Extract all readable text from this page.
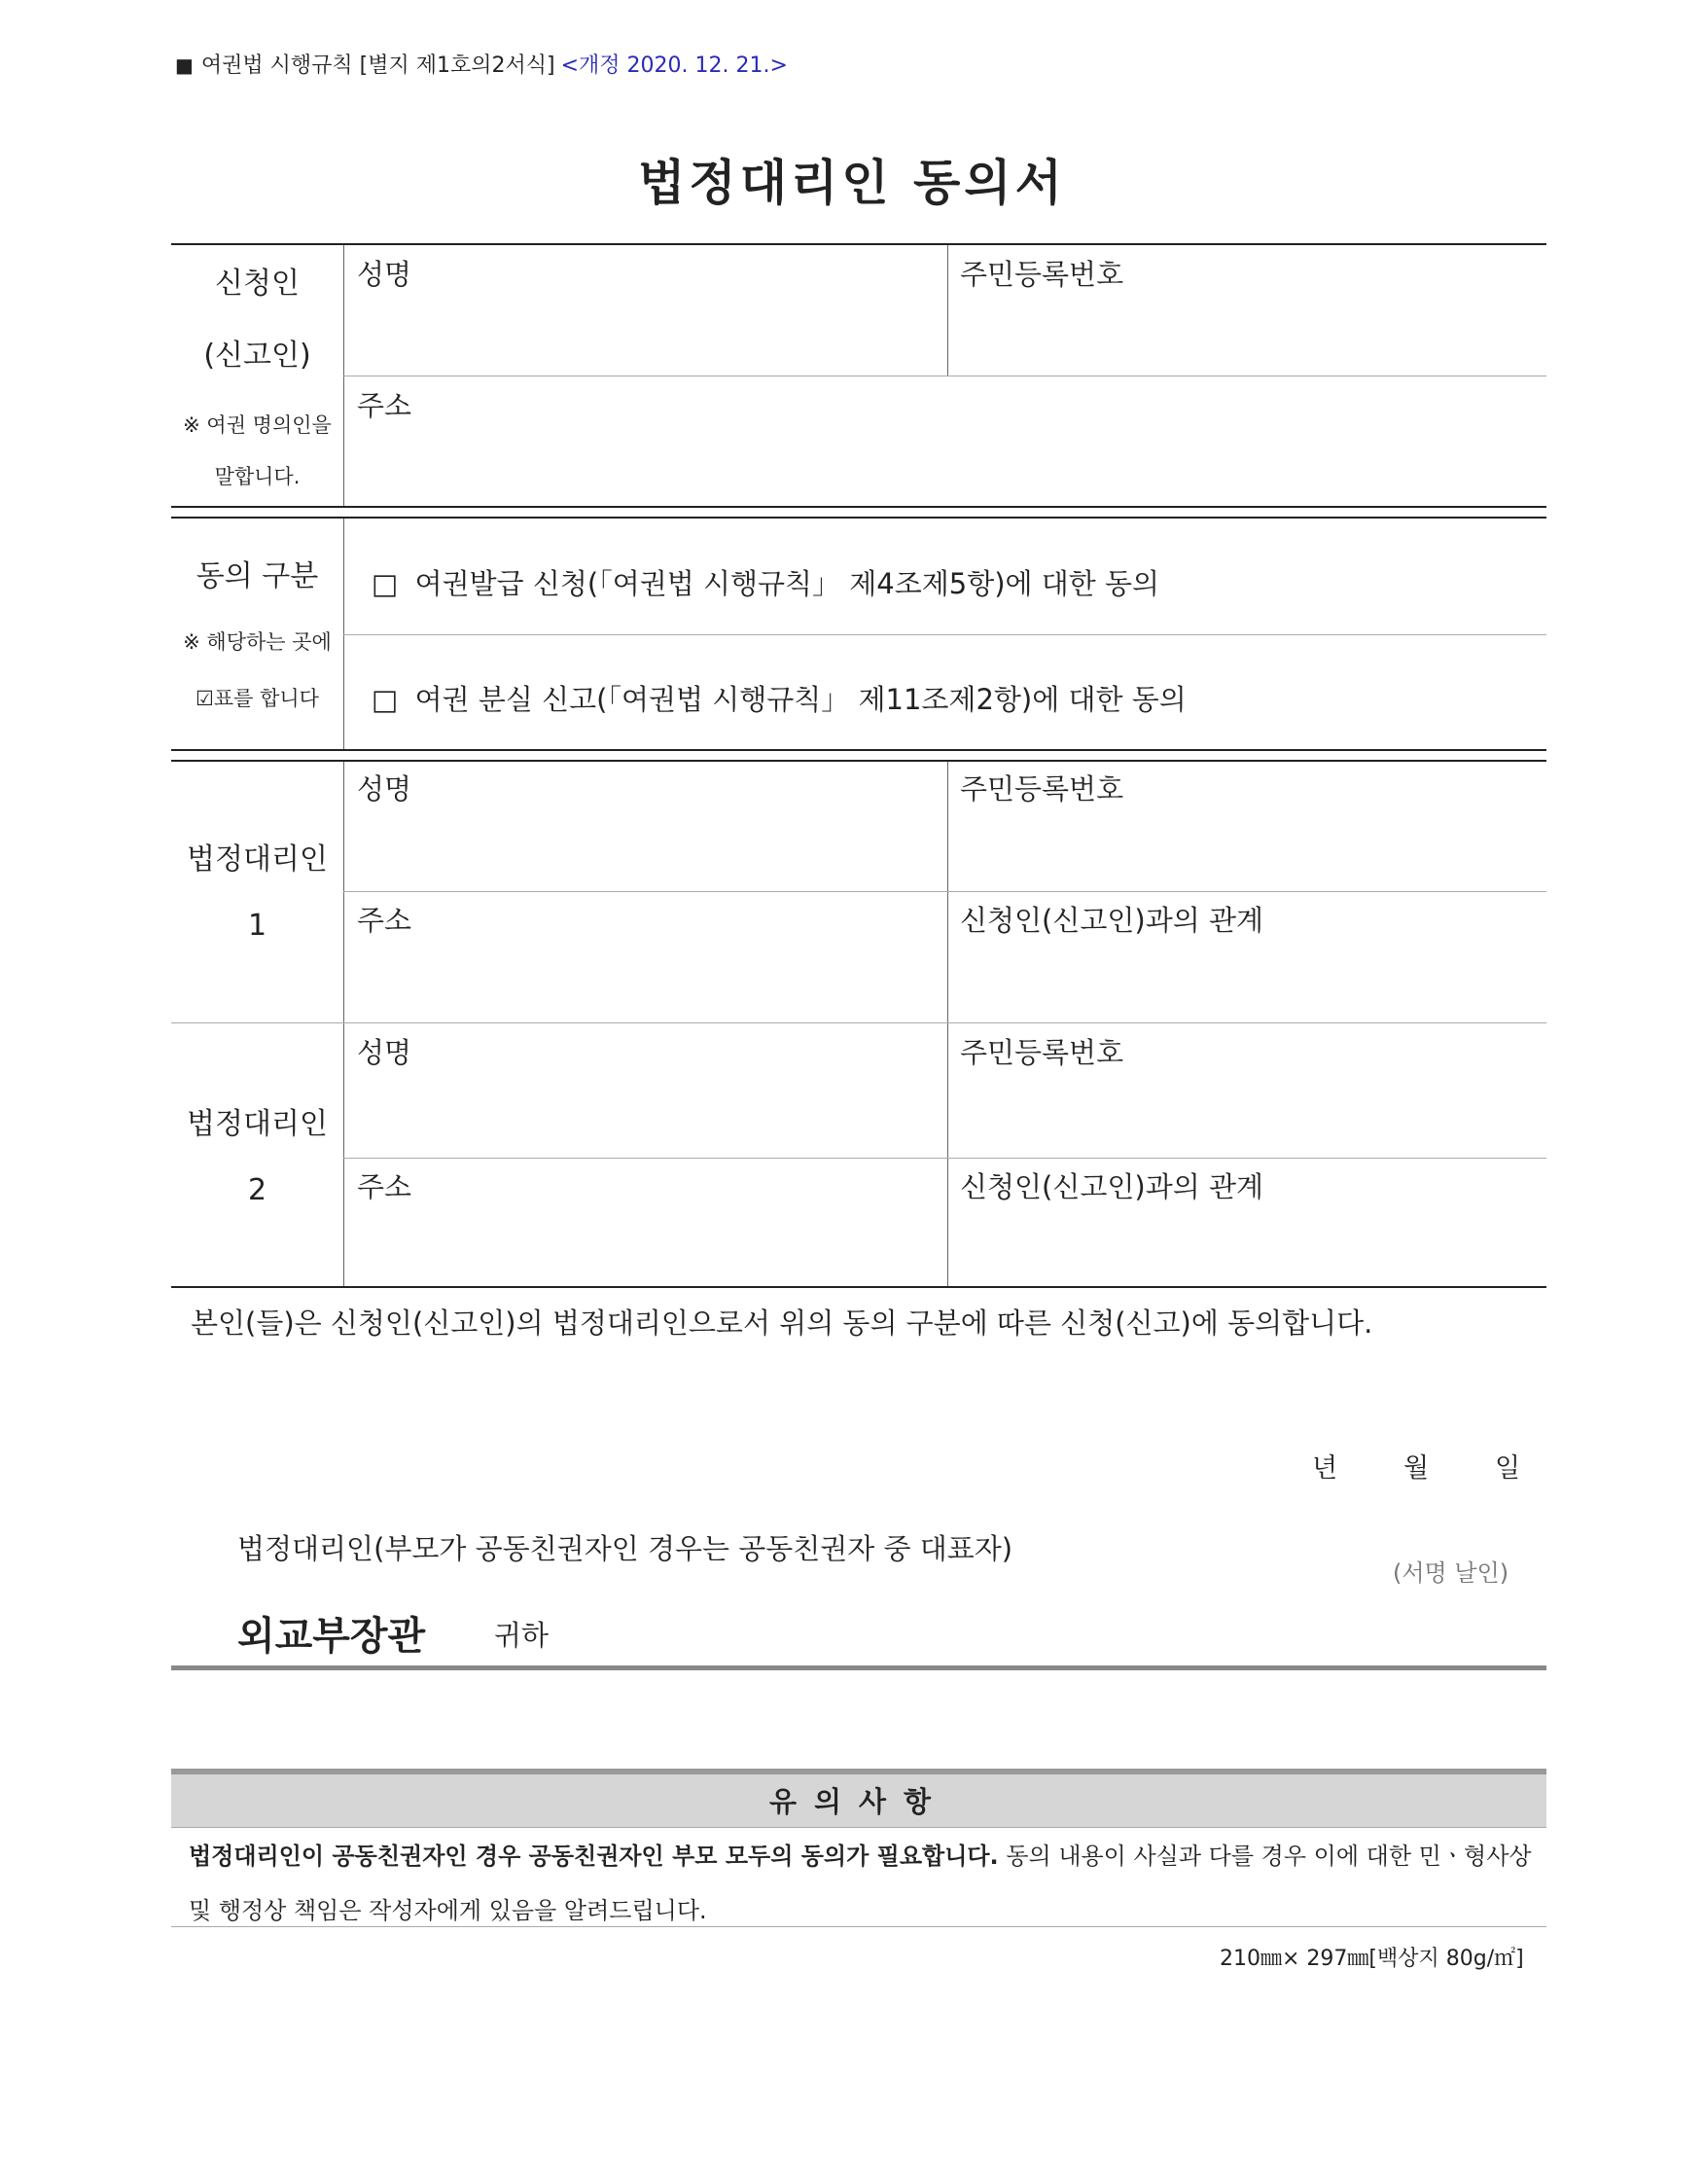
■ 여권법 시행규칙 [별지 제1호의2서식] <개정 2020. 12. 21.>
법정대리인 동의서
신청인
(신고인)
※ 여권 명의인을
말합니다.
성명	주민등록번호
주소
동의 구분
※ 해당하는 곳에
☑표를 합니다
□ 여권발급 신청(「여권법 시행규칙」 제4조제5항)에 대한 동의
□ 여권 분실 신고(「여권법 시행규칙」 제11조제2항)에 대한 동의
법정대리인
1
성명	주민등록번호
주소	신청인(신고인)과의 관계
법정대리인
2
성명	주민등록번호
주소	신청인(신고인)과의 관계
본인(들)은 신청인(신고인)의 법정대리인으로서 위의 동의 구분에 따른 신청(신고)에 동의합니다.
년	월	일
법정대리인(부모가 공동친권자인 경우는 공동친권자 중 대표자)
(서명 날인)
외교부장관 귀하
유의사항
법정대리인이 공동친권자인 경우 공동친권자인 부모 모두의 동의가 필요합니다. 동의 내용이 사실과 다를 경우 이에 대한 민ㆍ형사상 및 행정상 책임은 작성자에게 있음을 알려드립니다.
210㎜× 297㎜[백상지 80g/㎡]
